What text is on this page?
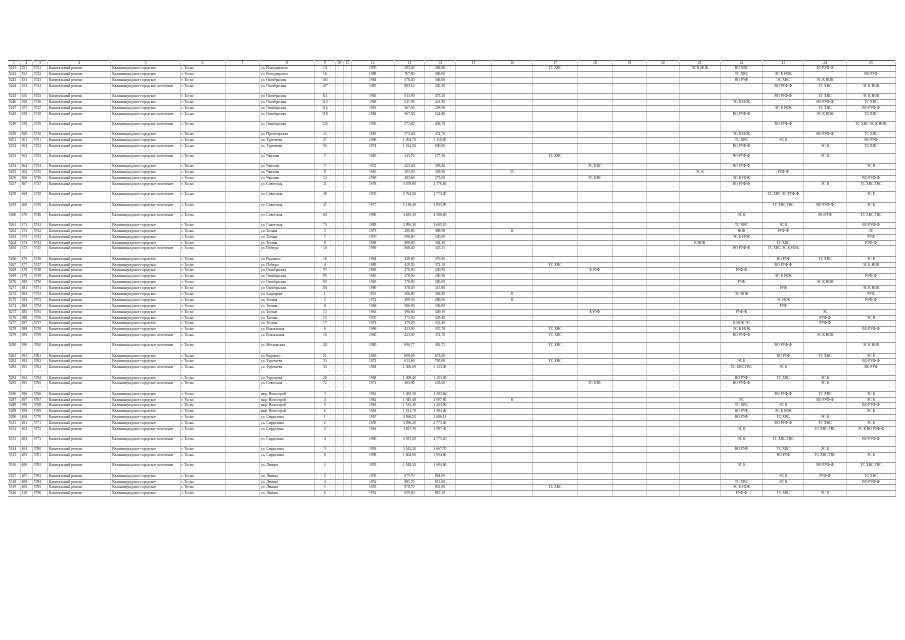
1	2	3	4	5	6	7	8	9	10	11	12	13	14	15	16	17	18	19	20	21	22	23	24	25
5241	351	5721	Капитальный ремонт	Калининградское городское	г. Тосно		ул. Володарского	14			1970	293,40	268,00			ТС ХВС				ЭС К НОК	ВО ХВС		БО РУФ-Ф	
5242	352	5722	Капитальный ремонт	Калининградское городское	г. Тосно		ул. Володарского	16			1988	767,80	386,00								ТС ХВС	ЭС К НОК		ВО РУФ
5243	353	5723	Капитальный ремонт	Калининградское городское	г. Тосно		ул. Октябрьская	103			1984	378,40	306,00								ВО РУФ	ЭС ХВС	ЭС К НОК	
5244	354	5724	Капитальный ремонт	Калининградское городское поселение	г. Тосно		ул. Октябрьская	107			1985	885,10	430,30									ВО РУФ-Ф	ТС ХВС	ЭС К НОК
5245	355	5725	Капитальный ремонт	Калининградское городское	г. Тосно		ул. Октябрьская	111			1965	333,90	475,20									ВО РУФ-Ф	ТС ХВС	ЭС К НОК
5246	356	5726	Капитальный ремонт	Калининградское городское	г. Тосно		ул. Октябрьская	113			1968	541,90	441,90								ЭС К НОК		ВО РУФ-Ф	ТС ХВС
5247	357	5727	Капитальный ремонт	Калининградское городское	г. Тосно		ул. Октябрьская	116			1981	567,50	258,00									ЭС К НОК	ТС ХВС	ВО РУФ-Ф
5248	358	5728	Капитальный ремонт	Калининградское городское поселение	г. Тосно		ул. Октябрьская	118			1984	567,50	524,80								ВО РУФ-Ф		ЭС К НОК	ТС ХВС
5249	359	5729	Капитальный ремонт	Калининградское городское поселение	г. Тосно		ул. Октябрьская	126			1993	572,80	436,70									ВО РУФ-Ф		ТС ХВС ЭС К НОК
5250	360	5730	Капитальный ремонт	Калининградское городское	г. Тосно		ул. Пролетарская	12			1983	573,40	474,70								ЭС К НОК		ВО РУФ-Ф	ТС ХВС
5251	361	5731	Капитальный ремонт	Калининградское городское	г. Тосно		ул. Тургенева	37			1986	1 492,70	1 118,00								ТС ХВС	ЭС К		ВО РУФ
5252	362	5732	Капитальный ремонт	Калининградское городское поселение	г. Тосно		ул. Тургенева	50			1974	1 014,50	856,00								ВО РУФ-Ф		ЭС К	ТС ХВС
5253	363	5733	Капитальный ремонт	Калининградское городское поселение	г. Тосно		ул. Чкалова	5			1965	343,70	277,30			ТС ХВС					ВО РУФ-Ф		ЭС К	
5254	364	5734	Капитальный ремонт	Калининградское городское	г. Тосно		ул. Чкалова	7			1972	423,40	309,40				ТС ХВС				ВО РУФ-Ф			ЭС К
5255	365	5735	Капитальный ремонт	Калининградское городское	г. Тосно		ул. Чкалова	8			1965	303,90	349,80		ТС					ЭС К		РУФ-Ф		
5256	366	5736	Капитальный ремонт	Калининградское городское	г. Тосно		ул. Чкалова	12			1969	483,60	275,00				ТС ХВС				ЭС К НОК			ВО РУФ-Ф
5257	367	5737	Капитальный ремонт	Калининградское городское поселение	г. Тосно		ул. Советская	31			1978	3 078,80	2 776,60								ВО РУФ-Ф		ЭС К	ТС ХВС ГВС
5258	368	5738	Капитальный ремонт	Калининградское городское поселение	г. Тосно		ул. Советская	38			1976	3 764,30	2 773,40									ТС ХВС ЭС РУФ-Ф		ЭС К
5259	369	5739	Капитальный ремонт	Калининградское городское поселение	г. Тосно		ул. Советская	47			1977	5 138,40	3 833,80									ТС ХВС ГВС	ВО РУФ-Ф	ЭС К
5260	370	5740	Капитальный ремонт	Калининградское городское поселение	г. Тосно		ул. Советская	69			1985	3 656,30	4 586,60								ЭС К		ВО РУФ	ТС ХВС ГВС
5261	371	5741	Капитальный ремонт	Калининградское городское	г. Тосно		ул. Советская	73			1989	3 896,30	3 605,10								ТС ХВС	ЭС К		ВО РУФ-Ф
5262	372	5742	Капитальный ремонт	Калининградское городское	г. Тосно		ул. Тотина	3			1973	296,80	488,90		К						НОК	РУФ-Ф		ЭС
5263	373	5743	Капитальный ремонт	Калининградское городское	г. Тосно		ул. Тотина	7			1970	596,80	330,00								ЭС К НОК			РУФ
5264	374	5744	Капитальный ремонт	Калининградское городское	г. Тосно		ул. Тотина	8			1968	408,80	384,30							К НОК		ТС ХВС		РУФ-Ф
5265	375	5745	Капитальный ремонт	Калининградское городское поселение	г. Тосно		ул. Победы	10			1969	368,40	343,11								ВО РУФ-Ф	ТС ХВС ЭС К НОК		
5266	376	5746	Капитальный ремонт	Калининградское городское	г. Тосно		ул. Рядового	16			1984	328,60	476,00									ВО РУФ	ТС ХВС	ЭС К
5267	377	5747	Капитальный ремонт	Калининградское городское	г. Тосно		ул. Победы	4			1989	410,30	372,10			ТС ХВС						ВО РУФ-Ф		ЭС К НОК
5268	378	5748	Капитальный ремонт	Калининградское городское	г. Тосно		ул. Октябрьская	97			1963	376,90	430,90				К РУФ				РУФ-Ф			
5269	379	5749	Капитальный ремонт	Калининградское городское	г. Тосно		ул. Октябрьская	95			1965	378,90	230,90									ЭС К НОК		РУФ-Ф
5270	380	5750	Капитальный ремонт	Калининградское городское	г. Тосно		ул. Октябрьская	93			1965	378,80	385,00								РУФ		ЭС К НОК	
5271	381	5751	Капитальный ремонт	Калининградское городское	г. Тосно		ул. Октябрьская	101			1989	378,40	315,80									РУФ		ЭС К НОК
5272	382	5752	Капитальный ремонт	Калининградское городское	г. Тосно		ул. Боцкарева	1			1951	306,60	356,90		К						ЭС НОК			РУФ
5273	383	5753	Капитальный ремонт	Калининградское городское	г. Тосно		ул. Тотина	3			1972	498,30	380,00		К							ЭС НОК		РУФ-Ф
5274	384	5754	Капитальный ремонт	Калининградское городское	г. Тосно		ул. Тотина	11			1968	396,90	339,00									РУФ		
5275	385	5755	Капитальный ремонт	Калининградское городское	г. Тосно		ул. Тотина	13			1963	396,60	349,10				К РУФ				РУФ-Ф		ЭС	
5276	386	5756	Капитальный ремонт	Калининградское городское	г. Тосно		ул. Тотина	15			1970	375,30	329,40										РУФ-Ф	ЭС К
5277	387	5757	Капитальный ремонт	Калининградское городское	г. Тосно		ул. Тотина	17			1973	375,20	331,20								К НОК ЭС		РУФ-Ф	
5278	388	5758	Капитальный ремонт	Калининградское городское	г. Тосно		ул. Вокзальная	6			1969	423,30	357,70			ТС ХВС					ЭС К НОК			ВО РУФ-Ф
5279	389	5759	Капитальный ремонт	Калининградское городское поселение	г. Тосно		ул. Вокзальная	10			1960	423,30	374,70			ТС ХВС					ВО РУФ-Ф		ЭС К НОК	
5280	390	5760	Капитальный ремонт	Калининградское городское поселение	г. Тосно		ул. Московская	20			1980	696,77	492,71			ТС ХВС						ВО РУФ-Ф		ЭС К НОК
5281	391	5761	Капитальный ремонт	Калининградское городское	г. Тосно		ул. Рядового	21			1993	608,00	673,00									ВО РУФ	ТС ХВС	ЭС К
5282	392	5762	Капитальный ремонт	Калининградское городское	г. Тосно		ул. Тургенева	23			1972	613,60	795,00			ТС ХВС					ЭС К			ВО РУФ-Ф
5283	393	5763	Капитальный ремонт	Калининградское городское поселение	г. Тосно		ул. Тургенева	34			1984	1 366,00	1 123,00								ТС ХВС ГВС	ЭС К		ВО РУФ
5284	394	5764	Капитальный ремонт	Калининградское городское	г. Тосно		ул. Тургенева	26			1968	1 308,40	1 103,00								ВО РУФ	ТС ХВС	ЭС К	
5285	395	5765	Капитальный ремонт	Калининградское городское поселение	г. Тосно		ул. Советская	72			1972	303,90	243,60				ТС ХВС				ВО РУФ-Ф		ЭС К	
5286	396	5766	Капитальный ремонт	Калининградское городское	г. Тосно		мкр. Новострой	3			1961	1 493,10	1 283,60									ВО РУФ-Ф	ТС ХВС	ЭС К
5287	397	5767	Капитальный ремонт	Калининградское городское	г. Тосно		мкр. Новострой	4			1962	1 045,40	1 097,80		К						ЭС		ВО РУФ-Ф	ЭС К
5288	398	5768	Капитальный ремонт	Калининградское городское	г. Тосно		мкр. Новострой	5			1963	1 535,30	1 203,00								ТС ХВС	ЭС К		ВО РУФ-Ф
5289	399	5769	Капитальный ремонт	Калининградское городское	г. Тосно		мкр. Новострой	6			1964	1 531,70	1 383,00								ВО РУФ	ЭС К НОК		ЭС К
5290	400	5770	Капитальный ремонт	Калининградское городское	г. Тосно		ул. Сирдолина	1			1967	3 596,53	2 686,11								ВО РУФ	ТС ХВС	ЭС К	
5311	401	5771	Капитальный ремонт	Калининградское городское	г. Тосно		ул. Сирдолина	2			1958	3 596,20	2 773,40									ВО РУФ-Ф	ТС ХВС	ЭС К
5312	402	5772	Капитальный ремонт	Калининградское городское поселение	г. Тосно		ул. Сирдолина	3			1962	3 827,30	3 587,30								ЭС К		ТС ХВС ГВС	ЭС К ВО РУФ-Ф
5313	403	5773	Капитальный ремонт	Калининградское городское поселение	г. Тосно		ул. Сирдолина	4			1980	3 937,20	2 775,20								ЭС К	ТС ХВС ГВС		ВО РУФ-Ф
5314	404	5780	Капитальный ремонт	Калининградское городское	г. Тосно		ул. Сирдолина	5			1992	3 542,20	2 667,70								ВО РУФ	ТС ХВС	ЭС К	
5315	405	5781	Капитальный ремонт	Калининградское городское поселение	г. Тосно		ул. Сирдолина	8			1998	1 664,00	1 094,60									ВО РУФ	ТС ХВС ГВС	ЭС К
5316	406	5782	Капитальный ремонт	Калининградское городское поселение	г. Тосно		ул. Ленина	2			1955	1 548,50	1 694,60								ЭС К		ВО РУФ-Ф	ТС ХВС ГВС
5317	407	5783	Капитальный ремонт	Калининградское городское	г. Тосно		ул. Ленина	3			1955	975,70	894,00									ЭС К	РУФ-Ф	ТС ХВС
5318	408	5784	Капитальный ремонт	Калининградское городское	г. Тосно		ул. Ленина	4			1952	981,70	813,00								ТС ХВС	ЭС К		ВО РУФ-Ф
5319	409	5785	Капитальный ремонт	Калининградское городское	г. Тосно		ул. Ленина	5			1955	978,70	891,00			ТС ХВС					ЭС К НОК			
5320	410	5790	Капитальный ремонт	Калининградское городское	г. Тосно		ул. Ленина	6			1952	959,40	867,10								РУФ-Ф	ТС ХВС	ЭС К	
